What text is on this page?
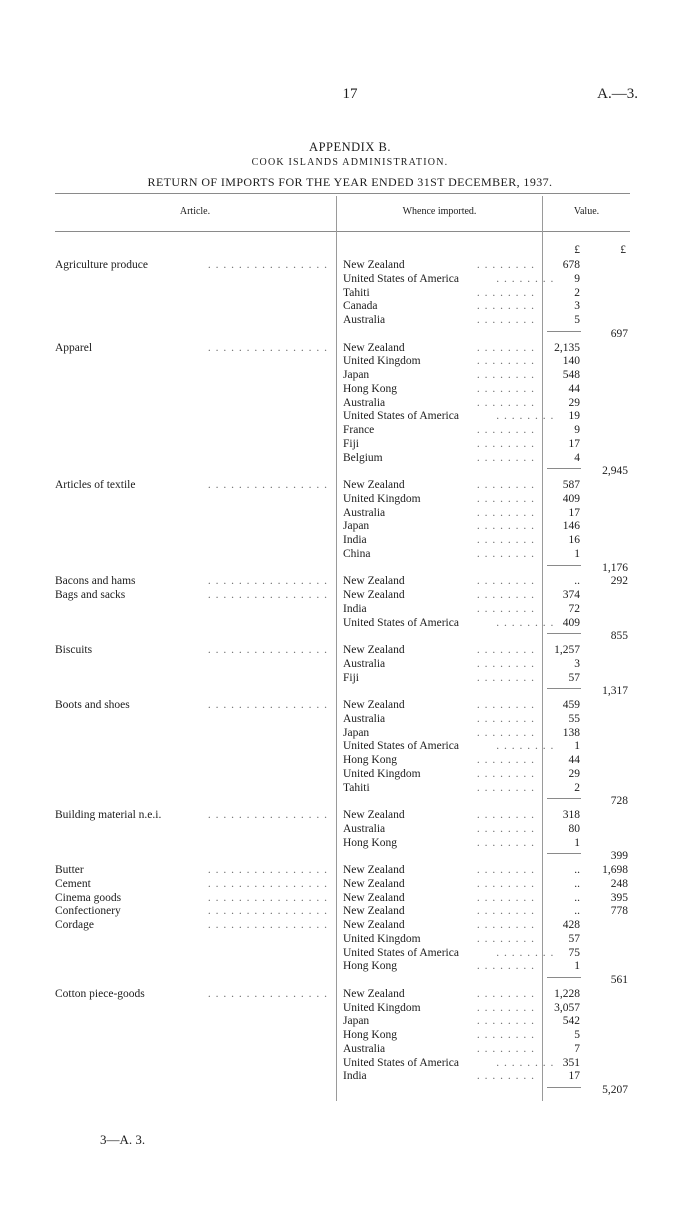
17	A.—3.
APPENDIX B.
COOK ISLANDS ADMINISTRATION.
RETURN OF IMPORTS FOR THE YEAR ENDED 31ST DECEMBER, 1937.
Article.	Whence imported.	Value.
£	£
Agriculture produce	. . . . . . . . . . . . . . . . New Zealand	. . . . . . . .	678
United States of America	. . . . . . . .	9
Tahiti	. . . . . . . .	2
Canada	. . . . . . . .	3
Australia	. . . . . . . .	5
697
Apparel	. . . . . . . . . . . . . . . . New Zealand	. . . . . . . .	2,135
United Kingdom	. . . . . . . .	140
Japan	. . . . . . . .	548
Hong Kong	. . . . . . . .	44
Australia	. . . . . . . .	29
United States of America	. . . . . . . .	19
France	. . . . . . . .	9
Fiji	. . . . . . . .	17
Belgium	. . . . . . . .	4
2,945
Articles of textile	. . . . . . . . . . . . . . . . New Zealand	. . . . . . . .	587
United Kingdom	. . . . . . . .	409
Australia	. . . . . . . .	17
Japan	. . . . . . . .	146
India	. . . . . . . .	16
China	. . . . . . . .	1
1,176
Bacons and hams	. . . . . . . . . . . . . . . . New Zealand	. . . . . . . .	..	292
Bags and sacks	. . . . . . . . . . . . . . . . New Zealand	. . . . . . . .	374
India	. . . . . . . .	72
United States of America	. . . . . . . . 409
855
Biscuits	. . . . . . . . . . . . . . . . New Zealand	. . . . . . . .	1,257
Australia	. . . . . . . .	3
Fiji	. . . . . . . .	57
1,317
Boots and shoes	. . . . . . . . . . . . . . . . New Zealand	. . . . . . . .	459
Australia	. . . . . . . .	55
Japan	. . . . . . . .	138
United States of America	. . . . . . . .	1
Hong Kong	. . . . . . . .	44
United Kingdom	. . . . . . . .	29
Tahiti	. . . . . . . .	2
728
Building material n.e.i.	. . . . . . . . . . . . . . . . New Zealand	. . . . . . . .	318
Australia	. . . . . . . .	80
Hong Kong	. . . . . . . .	1
399
Butter	. . . . . . . . . . . . . . . . New Zealand	. . . . . . . .	..	1,698
Cement	. . . . . . . . . . . . . . . . New Zealand	. . . . . . . .	..	248
Cinema goods	. . . . . . . . . . . . . . . . New Zealand	. . . . . . . .	..	395
Confectionery	. . . . . . . . . . . . . . . . New Zealand	. . . . . . . .	..	778
Cordage	. . . . . . . . . . . . . . . . New Zealand	. . . . . . . .	428
United Kingdom	. . . . . . . .	57
United States of America	. . . . . . . .	75
Hong Kong	. . . . . . . .	1
561
Cotton piece-goods	. . . . . . . . . . . . . . . . New Zealand	. . . . . . . .	1,228
United Kingdom	. . . . . . . .	3,057
Japan	. . . . . . . .	542
Hong Kong	. . . . . . . .	5
Australia	. . . . . . . .	7
United States of America	. . . . . . . . 351
India	. . . . . . . .	17
5,207
3—A. 3.
